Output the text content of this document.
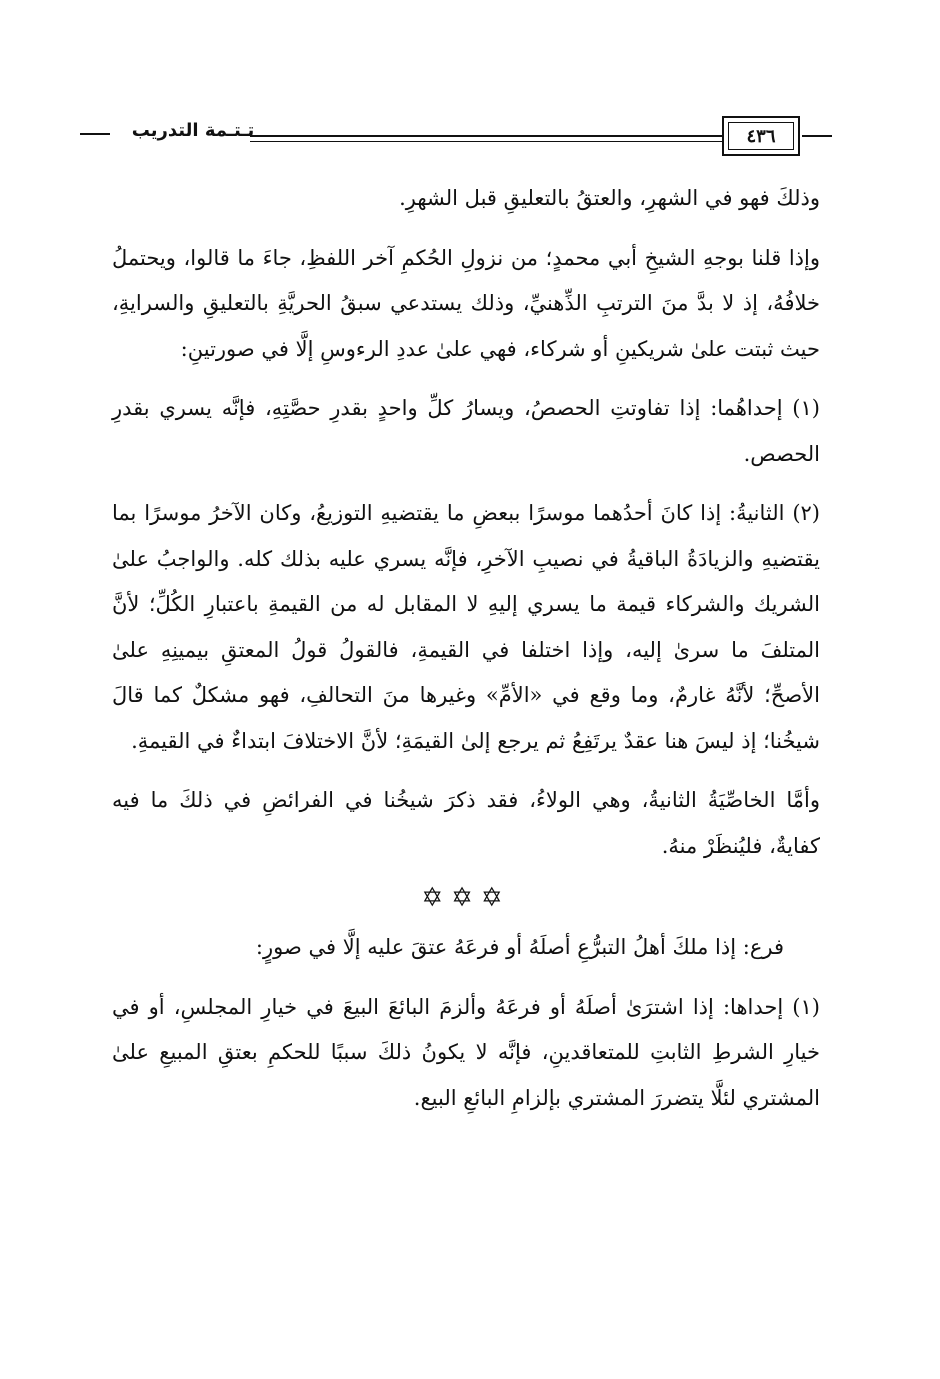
تـتـمة التدريب	٤٣٦

وذلكَ فهو في الشهرِ، والعتقُ بالتعليقِ قبل الشهرِ.

وإذا قلنا بوجهِ الشيخِ أبي محمدٍ؛ من نزولِ الحُكمِ آخر اللفظِ، جاءَ ما قالوا، ويحتملُ خلافُهُ، إذ لا بدَّ منَ الترتبِ الذِّهنيِّ، وذلك يستدعي سبقُ الحريَّةِ بالتعليقِ والسرايةِ، حيث ثبتت علىٰ شريكينِ أو شركاء، فهي علىٰ عددِ الرءوسِ إلَّا في صورتينِ:

(١) إحداهُما: إذا تفاوتتِ الحصصُ، ويسارُ كلِّ واحدٍ بقدرِ حصَّتِهِ، فإنَّه يسري بقدرِ الحصص.

(٢) الثانيةُ: إذا كانَ أحدُهما موسرًا ببعضِ ما يقتضيهِ التوزيعُ، وكان الآخرُ موسرًا بما يقتضيهِ والزيادَةُ الباقيةُ في نصيبِ الآخرِ، فإنَّه يسري عليه بذلك كله. والواجبُ علىٰ الشريك والشركاء قيمة ما يسري إليهِ لا المقابل له من القيمةِ باعتبارِ الكُلِّ؛ لأنَّ المتلفَ ما سرىٰ إليه، وإذا اختلفا في القيمةِ، فالقولُ قولُ المعتقِ بيمينِهِ علىٰ الأصحِّ؛ لأنَّهُ غارمٌ، وما وقع في «الأمِّ» وغيرها منَ التحالفِ، فهو مشكلٌ كما قالَ شيخُنا؛ إذ ليسَ هنا عقدٌ يرتَفِعُ ثم يرجع إلىٰ القيمَةِ؛ لأنَّ الاختلافَ ابتداءٌ في القيمةِ.

وأمَّا الخاصِّيَةُ الثانيةُ، وهي الولاءُ، فقد ذكرَ شيخُنا في الفرائضِ في ذلكَ ما فيه كفايةٌ، فليُنظَرْ منهُ.

✡✡✡

فرع: إذا ملكَ أهلُ التبرُّعِ أصلَهُ أو فرعَهُ عتقَ عليه إلَّا في صورٍ:

(١) إحداها: إذا اشترَىٰ أصلَهُ أو فرعَهُ وألزمَ البائعَ البيعَ في خيارِ المجلسِ، أو في خيارِ الشرطِ الثابتِ للمتعاقدينِ، فإنَّه لا يكونُ ذلكَ سببًا للحكمِ بعتقِ المبيعِ علىٰ المشتري لئلَّا يتضررَ المشتري بإلزامِ البائعِ البيع.
